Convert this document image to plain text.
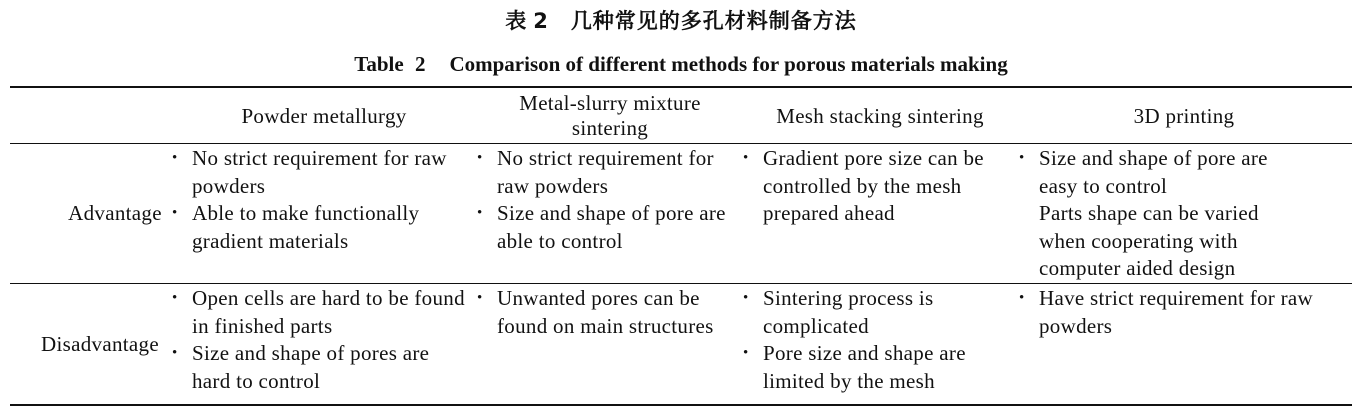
表 2 几种常见的多孔材料制备方法
Table 2 Comparison of different methods for porous materials making
Powder metallurgy
Metal-slurry mixture
sintering	Mesh stacking sintering	3D printing
Advantage
Disadvantage
• No strict requirement for raw powders
• Able to make functionally gradient materials
• No strict requirement for raw powders
• Size and shape of pore are able to control
• Gradient pore size can be controlled by the mesh prepared ahead
• Size and shape of pore are easy to control
Parts shape can be varied when cooperating with computer aided design
• Open cells are hard to be found in finished parts
• Size and shape of pores are hard to control
• Unwanted pores can be found on main structures
• Sintering process is complicated
• Pore size and shape are limited by the mesh
• Have strict requirement for raw powders
